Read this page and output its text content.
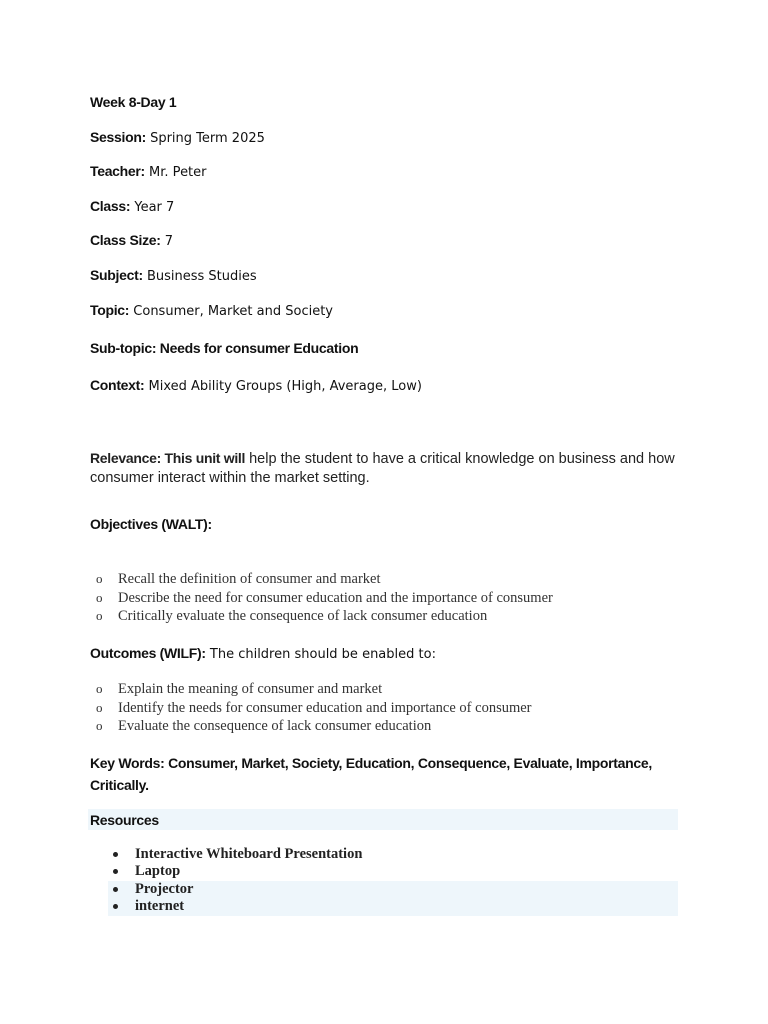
Week 8-Day 1
Session: Spring Term 2025
Teacher: Mr. Peter
Class: Year 7
Class Size: 7
Subject: Business Studies
Topic: Consumer, Market and Society
Sub-topic: Needs for consumer Education
Context: Mixed Ability Groups (High, Average, Low)
Relevance: This unit will help the student to have a critical knowledge on business and how consumer interact within the market setting.
Objectives (WALT):
o Recall the definition of consumer and market
o Describe the need for consumer education and the importance of consumer
o Critically evaluate the consequence of lack consumer education
Outcomes (WILF): The children should be enabled to:
o Explain the meaning of consumer and market
o Identify the needs for consumer education and importance of consumer
o Evaluate the consequence of lack consumer education
Key Words: Consumer, Market, Society, Education, Consequence, Evaluate, Importance, Critically.
Resources
Interactive Whiteboard Presentation
Laptop
Projector
internet
